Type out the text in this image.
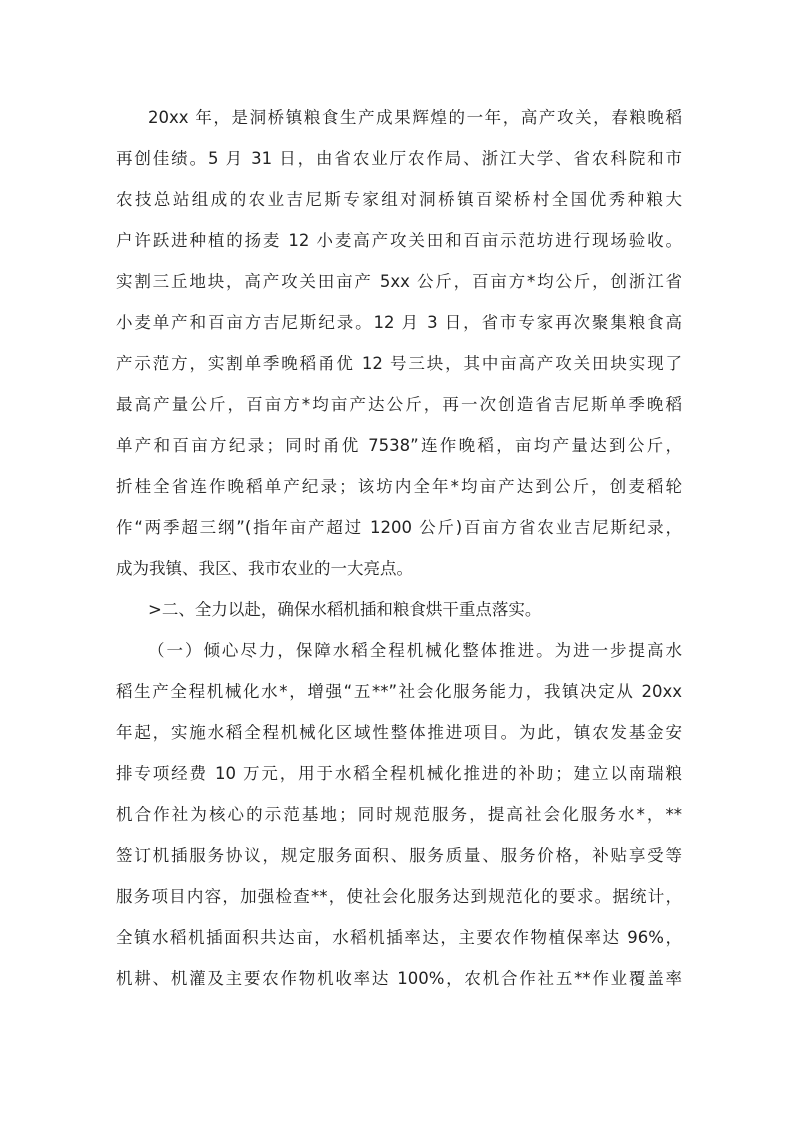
20xx 年，是洞桥镇粮食生产成果辉煌的一年，高产攻关，春粮晚稻
再创佳绩。5 月 31 日，由省农业厅农作局、浙江大学、省农科院和市
农技总站组成的农业吉尼斯专家组对洞桥镇百梁桥村全国优秀种粮大
户许跃进种植的扬麦 12 小麦高产攻关田和百亩示范坊进行现场验收。
实割三丘地块，高产攻关田亩产 5xx 公斤，百亩方*均公斤，创浙江省
小麦单产和百亩方吉尼斯纪录。12 月 3 日，省市专家再次聚集粮食高
产示范方，实割单季晚稻甬优 12 号三块，其中亩高产攻关田块实现了
最高产量公斤，百亩方*均亩产达公斤，再一次创造省吉尼斯单季晚稻
单产和百亩方纪录；同时甬优 7538”连作晚稻，亩均产量达到公斤，
折桂全省连作晚稻单产纪录；该坊内全年*均亩产达到公斤，创麦稻轮
作“两季超三纲”(指年亩产超过 1200 公斤)百亩方省农业吉尼斯纪录，
成为我镇、我区、我市农业的一大亮点。
>二、全力以赴，确保水稻机插和粮食烘干重点落实。
（一）倾心尽力，保障水稻全程机械化整体推进。为进一步提高水
稻生产全程机械化水*，增强“五**”社会化服务能力，我镇决定从 20xx
年起，实施水稻全程机械化区域性整体推进项目。为此，镇农发基金安
排专项经费 10 万元，用于水稻全程机械化推进的补助；建立以南瑞粮
机合作社为核心的示范基地；同时规范服务，提高社会化服务水*，**
签订机插服务协议，规定服务面积、服务质量、服务价格，补贴享受等
服务项目内容，加强检查**，使社会化服务达到规范化的要求。据统计，
全镇水稻机插面积共达亩，水稻机插率达，主要农作物植保率达 96%，
机耕、机灌及主要农作物机收率达 100%，农机合作社五**作业覆盖率
